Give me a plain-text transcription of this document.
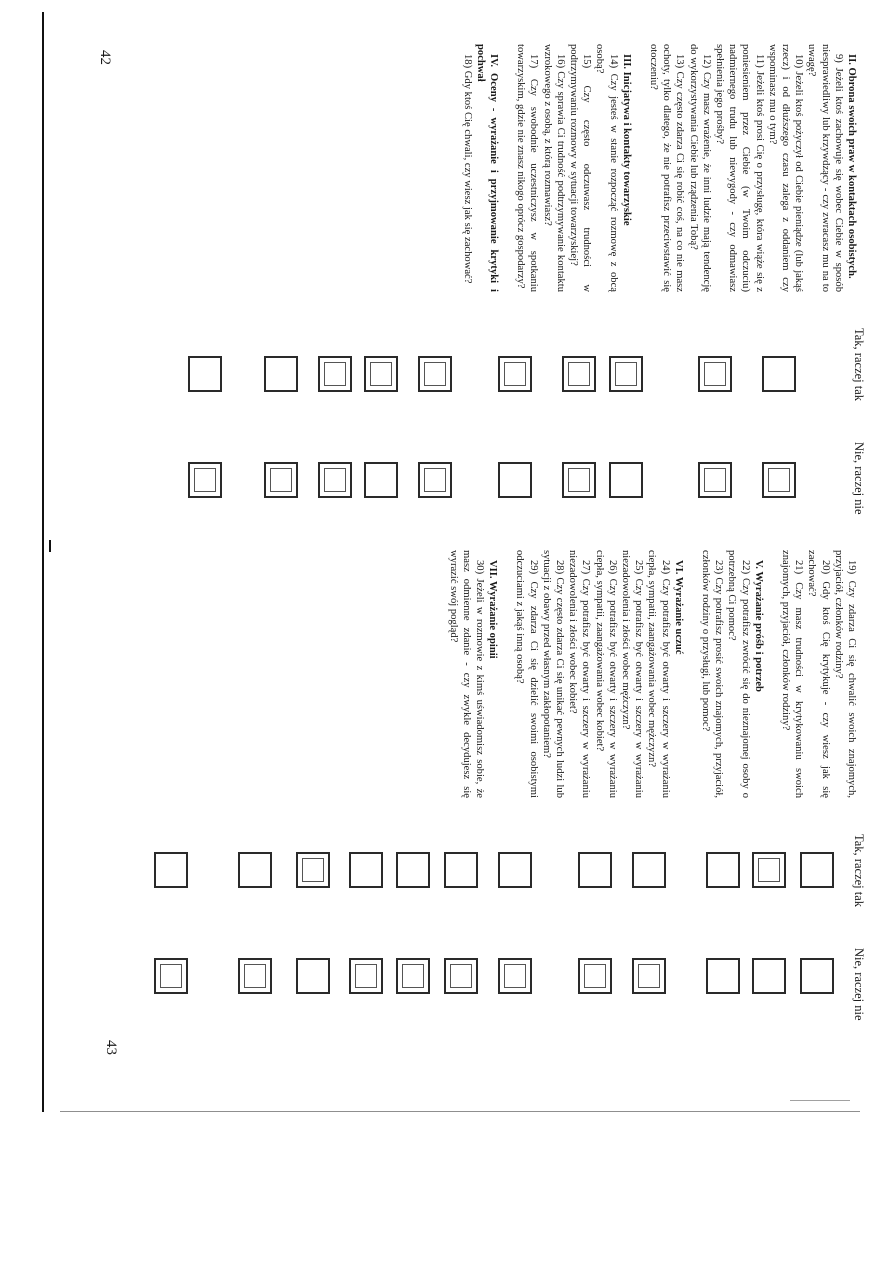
42
43
Tak, raczej tak
Nie, raczej nie
Tak, raczej tak
Nie, raczej nie
II. Obrona swoich praw w kontaktach osobistych.

9) Jeżeli ktoś zachowuje się wobec Ciebie w sposób niesprawiedliwy lub krzywdzący - czy zwracasz mu na to uwagę?

10) Jeżeli ktoś pożyczył od Ciebie pieniądze (lub jakąś rzecz) i od dłuższego czasu zalega z oddaniem czy wspominasz mu o tym?

11) Jeżeli ktoś prosi Cię o przysługę, która wiąże się z poniesieniem przez Ciebie (w Twoim odczuciu) nadmiernego trudu lub niewygody - czy odmawiasz spełnienia jego prośby?

12) Czy masz wrażenie, że inni ludzie mają tendencję do wykorzystywania Ciebie lub rządzenia Tobą?

13) Czy często zdarza Ci się robić coś, na co nie masz ochoty, tylko dlatego, że nie potrafisz przeciwstawić się otoczeniu?

III. Inicjatywa i kontakty towarzyskie

14) Czy jesteś w stanie rozpocząć rozmowę z obcą osobą?

15) Czy często odczuwasz trudności w podtrzymywaniu rozmowy w sytuacji towarzyskiej?

16) Czy sprawia Ci trudność podtrzymywanie kontaktu wzrokowego z osobą, z którą rozmawiasz?

17) Czy swobodnie uczestniczysz w spotkaniu towarzyskim, gdzie nie znasz nikogo oprócz gospodarzy?

IV. Oceny - wyrażanie i przyjmowanie krytyki i pochwał

18) Gdy ktoś Cię chwali, czy wiesz jak się zachować?

19) Czy zdarza Ci się chwalić swoich znajomych, przyjaciół, członków rodziny?

20) Gdy ktoś Cię krytykuje - czy wiesz jak się zachować?

21) Czy masz trudności w krytykowaniu swoich znajomych, przyjaciół, członków rodziny?

V. Wyrażanie próśb i potrzeb

22) Czy potrafisz zwrócić się do nieznajomej osoby o potrzebną Ci pomoc?

23) Czy potrafisz prosić swoich znajomych, przyjaciół, członków rodziny o przysługi, lub pomoc?

VI. Wyrażanie uczuć

24) Czy potrafisz być otwarty i szczery w wyrażaniu ciepła, sympatii, zaangażowania wobec mężczyzn?

25) Czy potrafisz być otwarty i szczery w wyrażaniu niezadowolenia i złości wobec mężczyzn?

26) Czy potrafisz być otwarty i szczery w wyrażaniu ciepła, sympatii, zaangażowania wobec kobiet?

27) Czy potrafisz być otwarty i szczery w wyrażaniu niezadowolenia i złości wobec kobiet?

28) Czy często zdarza Ci się unikać pewnych ludzi lub sytuacji z obawy przed własnym zakłopotaniem?

29) Czy zdarza Ci się dzielić swoimi osobistymi odczuciami z jakąś inną osobą?

VII. Wyrażanie opinii

30) Jeżeli w rozmowie z kimś uświadomisz sobie, że masz odmienne zdanie - czy zwykle decydujesz się wyrazić swój pogląd?
